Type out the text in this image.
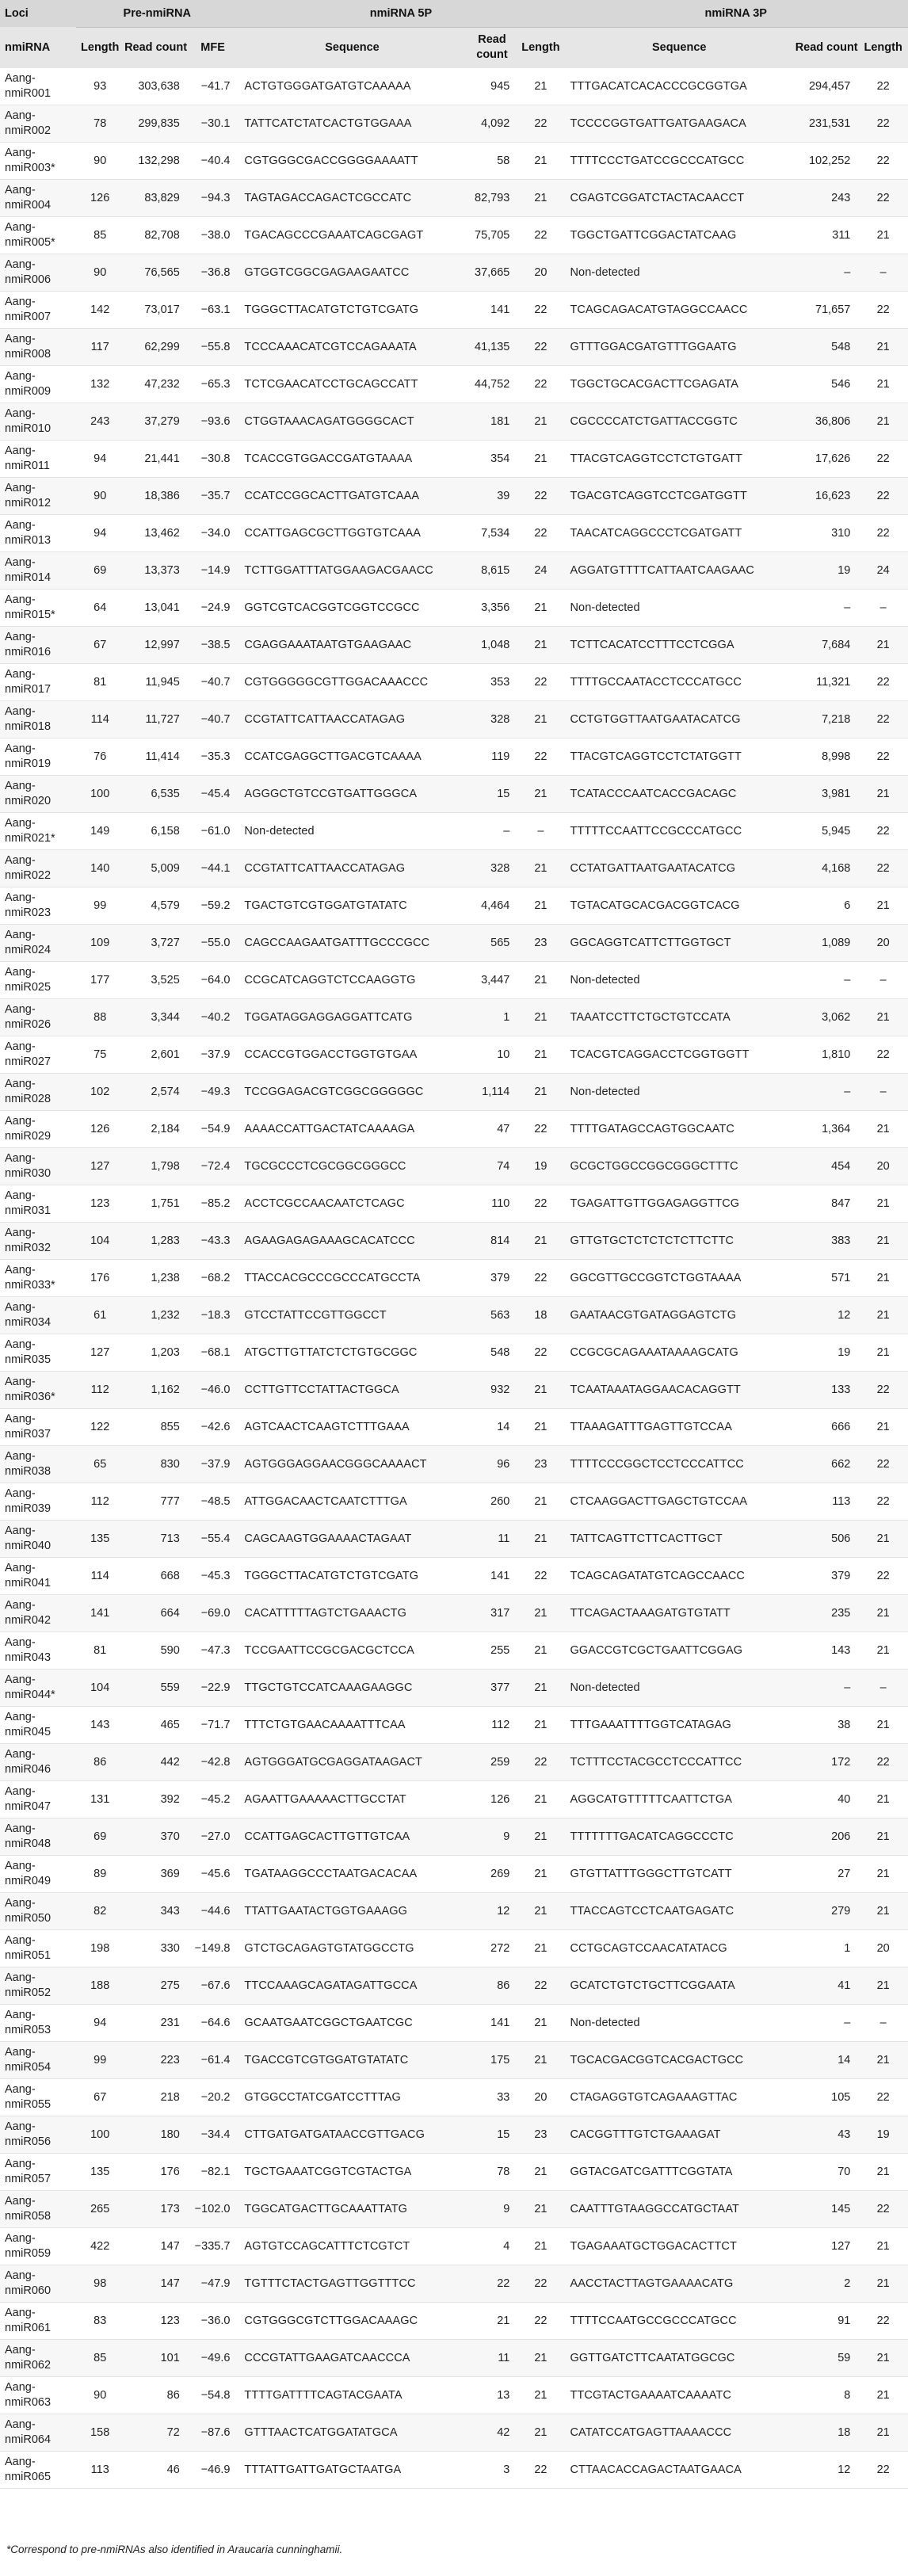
Loci	Pre-nmiRNA			nmiRNA 5P			nmiRNA 3P		
nmiRNA	Length	Read count	MFE	Sequence	Read count	Length	Sequence	Read count	Length
Aang-nmiR001	93	303,638	−41.7	ACTGTGGGATGATGTCAAAAA	945	21	TTTGACATCACACCCGCGGTGA	294,457	22
Aang-nmiR002	78	299,835	−30.1	TATTCATCTATCACTGTGGAAA	4,092	22	TCCCCGGTGATTGATGAAGACA	231,531	22
Aang-nmiR003*	90	132,298	−40.4	CGTGGGCGACCGGGGAAAATT	58	21	TTTTCCCTGATCCGCCCATGCC	102,252	22
Aang-nmiR004	126	83,829	−94.3	TAGTAGACCAGACTCGCCATC	82,793	21	CGAGTCGGATCTACTACAACCT	243	22
Aang-nmiR005*	85	82,708	−38.0	TGACAGCCCGAAATCAGCGAGT	75,705	22	TGGCTGATTCGGACTATCAAG	311	21
Aang-nmiR006	90	76,565	−36.8	GTGGTCGGCGAGAAGAATCC	37,665	20	Non-detected	–	–
Aang-nmiR007	142	73,017	−63.1	TGGGCTTACATGTCTGTCGATG	141	22	TCAGCAGACATGTAGGCCAACC	71,657	22
Aang-nmiR008	117	62,299	−55.8	TCCCAAACATCGTCCAGAAATA	41,135	22	GTTTGGACGATGTTTGGAATG	548	21
Aang-nmiR009	132	47,232	−65.3	TCTCGAACATCCTGCAGCCATT	44,752	22	TGGCTGCACGACTTCGAGATA	546	21
Aang-nmiR010	243	37,279	−93.6	CTGGTAAACAGATGGGGCACT	181	21	CGCCCCATCTGATTACCGGTC	36,806	21
Aang-nmiR011	94	21,441	−30.8	TCACCGTGGACCGATGTAAAA	354	21	TTACGTCAGGTCCTCTGTGATT	17,626	22
Aang-nmiR012	90	18,386	−35.7	CCATCCGGCACTTGATGTCAAA	39	22	TGACGTCAGGTCCTCGATGGTT	16,623	22
Aang-nmiR013	94	13,462	−34.0	CCATTGAGCGCTTGGTGTCAAA	7,534	22	TAACATCAGGCCCTCGATGATT	310	22
Aang-nmiR014	69	13,373	−14.9	TCTTGGATTTATGGAAGACGAACC	8,615	24	AGGATGTTTTCATTAATCAAGAAC	19	24
Aang-nmiR015*	64	13,041	−24.9	GGTCGTCACGGTCGGTCCGCC	3,356	21	Non-detected	–	–
Aang-nmiR016	67	12,997	−38.5	CGAGGAAATAATGTGAAGAAC	1,048	21	TCTTCACATCCTTTCCTCGGA	7,684	21
Aang-nmiR017	81	11,945	−40.7	CGTGGGGGCGTTGGACAAACCC	353	22	TTTTGCCAATACCTCCCATGCC	11,321	22
Aang-nmiR018	114	11,727	−40.7	CCGTATTCATTAACCATAGAG	328	21	CCTGTGGTTAATGAATACATCG	7,218	22
Aang-nmiR019	76	11,414	−35.3	CCATCGAGGCTTGACGTCAAAA	119	22	TTACGTCAGGTCCTCTATGGTT	8,998	22
Aang-nmiR020	100	6,535	−45.4	AGGGCTGTCCGTGATTGGGCA	15	21	TCATACCCAATCACCGACAGC	3,981	21
Aang-nmiR021*	149	6,158	−61.0	Non-detected	–	–	TTTTTCCAATTCCGCCCATGCC	5,945	22
Aang-nmiR022	140	5,009	−44.1	CCGTATTCATTAACCATAGAG	328	21	CCTATGATTAATGAATACATCG	4,168	22
Aang-nmiR023	99	4,579	−59.2	TGACTGTCGTGGATGTATATC	4,464	21	TGTACATGCACGACGGTCACG	6	21
Aang-nmiR024	109	3,727	−55.0	CAGCCAAGAATGATTTGCCCGCC	565	23	GGCAGGTCATTCTTGGTGCT	1,089	20
Aang-nmiR025	177	3,525	−64.0	CCGCATCAGGTCTCCAAGGTG	3,447	21	Non-detected	–	–
Aang-nmiR026	88	3,344	−40.2	TGGATAGGAGGAGGATTCATG	1	21	TAAATCCTTCTGCTGTCCATA	3,062	21
Aang-nmiR027	75	2,601	−37.9	CCACCGTGGACCTGGTGTGAA	10	21	TCACGTCAGGACCTCGGTGGTT	1,810	22
Aang-nmiR028	102	2,574	−49.3	TCCGGAGACGTCGGCGGGGGC	1,114	21	Non-detected	–	–
Aang-nmiR029	126	2,184	−54.9	AAAACCATTGACTATCAAAAGA	47	22	TTTTGATAGCCAGTGGCAATC	1,364	21
Aang-nmiR030	127	1,798	−72.4	TGCGCCCTCGCGGCGGGCC	74	19	GCGCTGGCCGGCGGGCTTTC	454	20
Aang-nmiR031	123	1,751	−85.2	ACCTCGCCAACAATCTCAGC	110	22	TGAGATTGTTGGAGAGGTTCG	847	21
Aang-nmiR032	104	1,283	−43.3	AGAAGAGAGAAAGCACATCCC	814	21	GTTGTGCTCTCTCTCTTCTTC	383	21
Aang-nmiR033*	176	1,238	−68.2	TTACCACGCCCGCCCATGCCTA	379	22	GGCGTTGCCGGTCTGGTAAAA	571	21
Aang-nmiR034	61	1,232	−18.3	GTCCTATTCCGTTGGCCT	563	18	GAATAACGTGATAGGAGTCTG	12	21
Aang-nmiR035	127	1,203	−68.1	ATGCTTGTTATCTCTGTGCGGC	548	22	CCGCGCAGAAATAAAAGCATG	19	21
Aang-nmiR036*	112	1,162	−46.0	CCTTGTTCCTATTACTGGCA	932	21	TCAATAAATAGGAACACAGGTT	133	22
Aang-nmiR037	122	855	−42.6	AGTCAACTCAAGTCTTTGAAA	14	21	TTAAAGATTTGAGTTGTCCAA	666	21
Aang-nmiR038	65	830	−37.9	AGTGGGAGGAACGGGCAAAACT	96	23	TTTTCCCGGCTCCTCCCATTCC	662	22
Aang-nmiR039	112	777	−48.5	ATTGGACAACTCAATCTTTGA	260	21	CTCAAGGACTTGAGCTGTCCAA	113	22
Aang-nmiR040	135	713	−55.4	CAGCAAGTGGAAAACTAGAAT	11	21	TATTCAGTTCTTCACTTGCT	506	21
Aang-nmiR041	114	668	−45.3	TGGGCTTACATGTCTGTCGATG	141	22	TCAGCAGATATGTCAGCCAACC	379	22
Aang-nmiR042	141	664	−69.0	CACATTTTTAGTCTGAAACTG	317	21	TTCAGACTAAAGATGTGTATT	235	21
Aang-nmiR043	81	590	−47.3	TCCGAATTCCGCGACGCTCCA	255	21	GGACCGTCGCTGAATTCGGAG	143	21
Aang-nmiR044*	104	559	−22.9	TTGCTGTCCATCAAAGAAGGC	377	21	Non-detected	–	–
Aang-nmiR045	143	465	−71.7	TTTCTGTGAACAAAATTTCAA	112	21	TTTGAAATTTTGGTCATAGAG	38	21
Aang-nmiR046	86	442	−42.8	AGTGGGATGCGAGGATAAGACT	259	22	TCTTTCCTACGCCTCCCATTCC	172	22
Aang-nmiR047	131	392	−45.2	AGAATTGAAAAACTTGCCTAT	126	21	AGGCATGTTTTTCAATTCTGA	40	21
Aang-nmiR048	69	370	−27.0	CCATTGAGCACTTGTTGTCAA	9	21	TTTTTTTGACATCAGGCCCTC	206	21
Aang-nmiR049	89	369	−45.6	TGATAAGGCCCTAATGACACAA	269	21	GTGTTATTTGGGCTTGTCATT	27	21
Aang-nmiR050	82	343	−44.6	TTATTGAATACTGGTGAAAGG	12	21	TTACCAGTCCTCAATGAGATC	279	21
Aang-nmiR051	198	330	−149.8	GTCTGCAGAGTGTATGGCCTG	272	21	CCTGCAGTCCAACATATACG	1	20
Aang-nmiR052	188	275	−67.6	TTCCAAAGCAGATAGATTGCCA	86	22	GCATCTGTCTGCTTCGGAATA	41	21
Aang-nmiR053	94	231	−64.6	GCAATGAATCGGCTGAATCGC	141	21	Non-detected	–	–
Aang-nmiR054	99	223	−61.4	TGACCGTCGTGGATGTATATC	175	21	TGCACGACGGTCACGACTGCC	14	21
Aang-nmiR055	67	218	−20.2	GTGGCCTATCGATCCTTTAG	33	20	CTAGAGGTGTCAGAAAGTTAC	105	22
Aang-nmiR056	100	180	−34.4	CTTGATGATGATAACCGTTGACG	15	23	CACGGTTTGTCTGAAAGAT	43	19
Aang-nmiR057	135	176	−82.1	TGCTGAAATCGGTCGTACTGA	78	21	GGTACGATCGATTTCGGTATA	70	21
Aang-nmiR058	265	173	−102.0	TGGCATGACTTGCAAATTATG	9	21	CAATTTGTAAGGCCATGCTAAT	145	22
Aang-nmiR059	422	147	−335.7	AGTGTCCAGCATTTCTCGTCT	4	21	TGAGAAATGCTGGACACTTCT	127	21
Aang-nmiR060	98	147	−47.9	TGTTTCTACTGAGTTGGTTTCC	22	22	AACCTACTTAGTGAAAACATG	2	21
Aang-nmiR061	83	123	−36.0	CGTGGGCGTCTTGGACAAAGC	21	22	TTTTCCAATGCCGCCCATGCC	91	22
Aang-nmiR062	85	101	−49.6	CCCGTATTGAAGATCAACCCA	11	21	GGTTGATCTTCAATATGGCGC	59	21
Aang-nmiR063	90	86	−54.8	TTTTGATTTTCAGTACGAATA	13	21	TTCGTACTGAAAATCAAAATC	8	21
Aang-nmiR064	158	72	−87.6	GTTTAACTCATGGATATGCA	42	21	CATATCCATGAGTTAAAACCC	18	21
Aang-nmiR065	113	46	−46.9	TTTATTGATTGATGCTAATGA	3	22	CTTAACACCAGACTAATGAACA	12	22
*Correspond to pre-nmiRNAs also identified in Araucaria cunninghamii.
